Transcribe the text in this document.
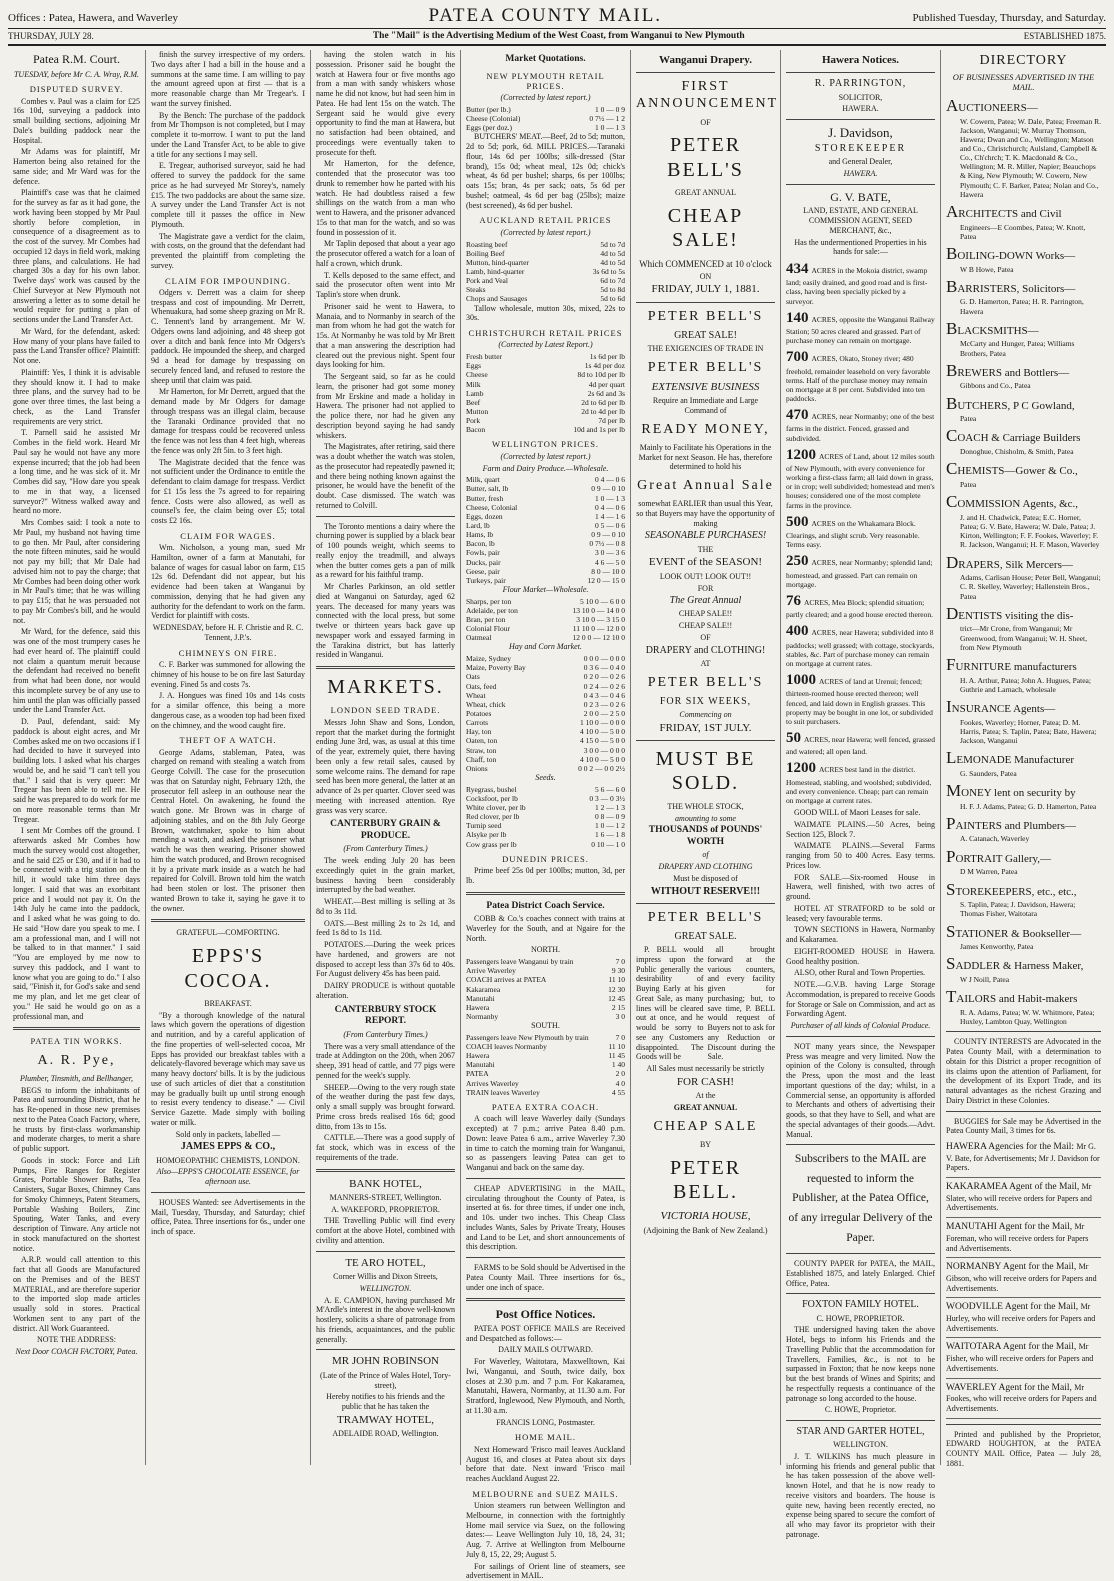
Offices : Patea, Hawera, and Waverley	PATEA COUNTY MAIL.	Published Tuesday, Thursday, and Saturday.
THURSDAY, JULY 28.	The "Mail" is the Advertising Medium of the West Coast, from Wanganui to New Plymouth	ESTABLISHED 1875.
Patea R.M. Court.

TUESDAY, before Mr C. A. Wray, R.M.

DISPUTED SURVEY.

Combes v. Paul was a claim for £25 16s 10d, surveying a paddock into small building sections, adjoining Mr Dale's building paddock near the Hospital.

Mr Adams was for plaintiff, Mr Hamerton being also retained for the same side; and Mr Ward was for the defence.

Plaintiff's case was that he claimed for the survey as far as it had gone, the work having been stopped by Mr Paul shortly before completion, in consequence of a disagreement as to the cost of the survey. Mr Combes had occupied 12 days in field work, making three plans, and calculations. He had charged 30s a day for his own labor. Twelve days' work was caused by the Chief Surveyor at New Plymouth not answering a letter as to some detail he would require for putting a plan of sections under the Land Transfer Act.

Mr Ward, for the defendant, asked: How many of your plans have failed to pass the Land Transfer office? Plaintiff: Not one.

Plaintiff: Yes, I think it is advisable they should know it. I had to make three plans, and the survey had to be gone over three times, the last being a check, as the Land Transfer requirements are very strict.

T. Parnell said he assisted Mr Combes in the field work. Heard Mr Paul say he would not have any more expense incurred; that the job had been a long time, and he was sick of it. Mr Combes did say, "How dare you speak to me in that way, a licensed surveyor?" Witness walked away and heard no more.

Mrs Combes said: I took a note to Mr Paul, my husband not having time to go then. Mr Paul, after considering the note fifteen minutes, said he would not pay my bill; that Mr Dale had advised him not to pay the charge; that Mr Combes had been doing other work in Mr Paul's time; that he was willing to pay £15; that he was persuaded not to pay Mr Combes's bill, and he would not.

Mr Ward, for the defence, said this was one of the most trumpery cases he had ever heard of. The plaintiff could not claim a quantum meruit because the defendant had received no benefit from what had been done, nor would this incomplete survey be of any use to him until the plan was officially passed under the Land Transfer Act.

D. Paul, defendant, said: My paddock is about eight acres, and Mr Combes asked me on two occasions if I had decided to have it surveyed into building lots. I asked what his charges would be, and he said "I can't tell you that." I said that is very queer: Mr Tregear has been able to tell me. He said he was prepared to do work for me on more reasonable terms than Mr Tregear.

I sent Mr Combes off the ground. I afterwards asked Mr Combes how much the survey would cost altogether, and he said £25 or £30, and if it had to be connected with a trig station on the hill, it would take him three days longer. I said that was an exorbitant price and I would not pay it. On the 14th July he came into the paddock, and I asked what he was going to do. He said "How dare you speak to me. I am a professional man, and I will not be talked to in that manner." I said "You are employed by me now to survey this paddock, and I want to know what you are going to do." I also said, "Finish it, for God's sake and send me my plan, and let me get clear of you." He said he would go on as a professional man, and

PATEA TIN WORKS.
A. R. Pye,

Plumber, Tinsmith, and Bellhanger,

BEGS to inform the inhabitants of Patea and surrounding District, that he has Re-opened in those new premises next to the Patea Coach Factory, where, he trusts by first-class workmanship and moderate charges, to merit a share of public support.

Goods in stock: Force and Lift Pumps, Fire Ranges for Register Grates, Portable Shower Baths, Tea Canisters, Sugar Boxes, Chimney Cans for Smoky Chimneys, Patent Steamers, Portable Washing Boilers, Zinc Spouting, Water Tanks, and every description of Tinware. Any article not in stock manufactured on the shortest notice.

A.R.P. would call attention to this fact that all Goods are Manufactured on the Premises and of the BEST MATERIAL, and are therefore superior to the imported slop made articles usually sold in stores. Practical Workmen sent to any part of the district. All Work Guaranteed.

NOTE THE ADDRESS:

Next Door COACH FACTORY, Patea.

finish the survey irrespective of my orders. Two days after I had a bill in the house and a summons at the same time. I am willing to pay the amount agreed upon at first — that is a more reasonable charge than Mr Tregear's. I want the survey finished.

By the Bench: The purchase of the paddock from Mr Thompson is not completed, but I may complete it to-morrow. I want to put the land under the Land Transfer Act, to be able to give a title for any sections I may sell.

E. Tregear, authorised surveyor, said he had offered to survey the paddock for the same price as he had surveyed Mr Storey's, namely £15. The two paddocks are about the same size. A survey under the Land Transfer Act is not complete till it passes the office in New Plymouth.

The Magistrate gave a verdict for the claim, with costs, on the ground that the defendant had prevented the plaintiff from completing the survey.

CLAIM FOR IMPOUNDING.

Odgers v. Derrett was a claim for sheep trespass and cost of impounding. Mr Derrett, Whenuakura, had some sheep grazing on Mr R. C. Tennent's land by arrangement. Mr W. Odgers owns land adjoining, and 48 sheep got over a ditch and bank fence into Mr Odgers's paddock. He impounded the sheep, and charged 9d a head for damage by trespassing on securely fenced land, and refused to restore the sheep until that claim was paid.

Mr Hamerton, for Mr Derrett, argued that the demand made by Mr Odgers for damage through trespass was an illegal claim, because the Taranaki Ordinance provided that no damage for trespass could be recovered unless the fence was not less than 4 feet high, whereas the fence was only 2ft 5in. to 3 feet high.

The Magistrate decided that the fence was not sufficient under the Ordinance to entitle the defendant to claim damage for trespass. Verdict for £1 15s less the 7s agreed to for repairing fence. Costs were also allowed, as well as counsel's fee, the claim being over £5; total costs £2 16s.

CLAIM FOR WAGES.

Wm. Nicholson, a young man, sued Mr Hamilton, owner of a farm at Manutahi, for balance of wages for casual labor on farm, £15 12s 6d. Defendant did not appear, but his evidence had been taken at Wanganui by commission, denying that he had given any authority for the defendant to work on the farm. Verdict for plaintiff with costs.

WEDNESDAY, before H. F. Christie and R. C. Tennent, J.P.'s.

CHIMNEYS ON FIRE.

C. F. Barker was summoned for allowing the chimney of his house to be on fire last Saturday evening. Fined 5s and costs 7s.

J. A. Hongues was fined 10s and 14s costs for a similar offence, this being a more dangerous case, as a wooden top had been fixed on the chimney, and the wood caught fire.

THEFT OF A WATCH.

George Adams, stableman, Patea, was charged on remand with stealing a watch from George Colvill. The case for the prosecution was that on Saturday night, February 12th, the prosecutor fell asleep in an outhouse near the Central Hotel. On awakening, he found the watch gone. Mr Brown was in charge of adjoining stables, and on the 8th July George Brown, watchmaker, spoke to him about mending a watch, and asked the prisoner what watch he was then wearing. Prisoner showed him the watch produced, and Brown recognised it by a private mark inside as a watch he had repaired for Colvill. Brown told him the watch had been stolen or lost. The prisoner then wanted Brown to take it, saying he gave it to the owner.

GRATEFUL—COMFORTING.

EPPS'S COCOA.

BREAKFAST.

"By a thorough knowledge of the natural laws which govern the operations of digestion and nutrition, and by a careful application of the fine properties of well-selected cocoa, Mr Epps has provided our breakfast tables with a delicately-flavored beverage which may save us many heavy doctors' bills. It is by the judicious use of such articles of diet that a constitution may be gradually built up until strong enough to resist every tendency to disease." — Civil Service Gazette. Made simply with boiling water or milk.

Sold only in packets, labelled —

JAMES EPPS & CO.,

HOMOEOPATHIC CHEMISTS, LONDON.

Also—EPPS'S CHOCOLATE ESSENCE, for afternoon use.

HOUSES Wanted: see Advertisements in the Mail, Tuesday, Thursday, and Saturday; chief office, Patea. Three insertions for 6s., under one inch of space.

having the stolen watch in his possession. Prisoner said he bought the watch at Hawera four or five months ago from a man with sandy whiskers whose name he did not know, but had seen him in Patea. He had lent 15s on the watch. The Sergeant said he would give every opportunity to find the man at Hawera, but no satisfaction had been obtained, and proceedings were eventually taken to prosecute for theft.

Mr Hamerton, for the defence, contended that the prosecutor was too drunk to remember how he parted with his watch. He had doubtless raised a few shillings on the watch from a man who went to Hawera, and the prisoner advanced 15s to that man for the watch, and so was found in possession of it.

Mr Taplin deposed that about a year ago the prosecutor offered a watch for a loan of half a crown, which drunk.

T. Kells deposed to the same effect, and said the prosecutor often went into Mr Taplin's store when drunk.

Prisoner said he went to Hawera, to Manaia, and to Normanby in search of the man from whom he had got the watch for 15s. At Normanby he was told by Mr Brett that a man answering the description had cleared out the previous night. Spent four days looking for him.

The Sergeant said, so far as he could learn, the prisoner had got some money from Mr Erskine and made a holiday in Hawera. The prisoner had not applied to the police there, nor had he given any description beyond saying he had sandy whiskers.

The Magistrates, after retiring, said there was a doubt whether the watch was stolen, as the prosecutor had repeatedly pawned it; and there being nothing known against the prisoner, he would have the benefit of the doubt. Case dismissed. The watch was returned to Colvill.

The Toronto mentions a dairy where the churning power is supplied by a black bear of 100 pounds weight, which seems to really enjoy the treadmill, and always when the butter comes gets a pan of milk as a reward for his faithful tramp.

Mr Charles Parkinson, an old settler died at Wanganui on Saturday, aged 62 years. The deceased for many years was connected with the local press, but some twelve or thirteen years back gave up newspaper work and essayed farming in the Tarakina district, but has latterly resided in Wanganui.

MARKETS.
LONDON SEED TRADE.

Messrs John Shaw and Sons, London, report that the market during the fortnight ending June 3rd, was, as usual at this time of the year, extremely quiet, there having been only a few retail sales, caused by some welcome rains. The demand for rape seed has been more general, the latter at an advance of 2s per quarter. Clover seed was meeting with increased attention. Rye grass was very scarce.

CANTERBURY GRAIN & PRODUCE.

(From Canterbury Times.)

The week ending July 20 has been exceedingly quiet in the grain market, business having been considerably interrupted by the bad weather.

WHEAT.—Best milling is selling at 3s 8d to 3s 11d.

OATS.—Best milling 2s to 2s 1d, and feed 1s 8d to 1s 11d.

POTATOES.—During the week prices have hardened, and growers are not disposed to accept less than 37s 6d to 40s. For August delivery 45s has been paid.

DAIRY PRODUCE is without quotable alteration.

CANTERBURY STOCK REPORT.

(From Canterbury Times.)

There was a very small attendance of the trade at Addington on the 20th, when 2067 sheep, 391 head of cattle, and 77 pigs were penned for the week's supply.

SHEEP.—Owing to the very rough state of the weather during the past few days, only a small supply was brought forward. Prime cross breds realised 16s 6d; good ditto, from 13s to 15s.

CATTLE.—There was a good supply of fat stock, which was in excess of the requirements of the trade.

BANK HOTEL,

MANNERS-STREET, Wellington.

A. WAKEFORD, PROPRIETOR.

THE Travelling Public will find every comfort at the above Hotel, combined with civility and attention.

TE ARO HOTEL,

Corner Willis and Dixon Streets,

WELLINGTON.

A. E. CAMPION, having purchased Mr M'Ardle's interest in the above well-known hostlery, solicits a share of patronage from his friends, acquaintances, and the public generally.

MR JOHN ROBINSON

(Late of the Prince of Wales Hotel, Tory-street),

Hereby notifies to his friends and the public that he has taken the

TRAMWAY HOTEL,

ADELAIDE ROAD, Wellington.

Market Quotations.
NEW PLYMOUTH RETAIL PRICES.

(Corrected by latest report.)

Butter (per lb.)	1 0 — 0 9
Cheese (Colonial)	0 7½ — 1 2
Eggs (per doz.)	1 0 — 1 3

BUTCHERS' MEAT.—Beef, 2d to 5d; mutton, 2d to 5d; pork, 6d. MILL PRICES.—Taranaki flour, 14s 6d per 100lbs; silk-dressed (Star brand), 15s 0d; wheat meal, 12s 0d; chick's wheat, 4s 6d per bushel; sharps, 6s per 100lbs; oats 15s; bran, 4s per sack; oats, 5s 6d per bushel; oatmeal, 4s 6d per bag (25lbs); maize (best screened), 4s 6d per bushel.

AUCKLAND RETAIL PRICES

(Corrected by latest report.)

Roasting beef	5d to 7d
Boiling Beef	4d to 5d
Mutton, hind-quarter	4d to 5d
Lamb, hind-quarter	3s 6d to 5s
Pork and Veal	6d to 7d
Steaks	5d to 8d
Chops and Sausages	5d to 6d

Tallow wholesale, mutton 30s, mixed, 22s to 30s.

CHRISTCHURCH RETAIL PRICES

(Corrected by Latest Report.)

Fresh butter	1s 6d per lb
Eggs	1s 4d per doz
Cheese	8d to 10d per lb
Milk	4d per quart
Lamb	2s 6d and 3s
Beef	2d to 6d per lb
Mutton	2d to 4d per lb
Pork	7d per lb
Bacon	10d and 1s per lb
WELLINGTON PRICES.

(Corrected by latest report.)

Farm and Dairy Produce.—Wholesale.

Milk, quart	0 4 — 0 6
Butter, salt, lb	0 9 — 0 10
Butter, fresh	1 0 — 1 3
Cheese, Colonial	0 4 — 0 6
Eggs, dozen	1 4 — 1 6
Lard, lb	0 5 — 0 6
Hams, lb	0 9 — 0 10
Bacon, lb	0 7½ — 0 8
Fowls, pair	3 0 — 3 6
Ducks, pair	4 6 — 5 0
Geese, pair	8 0 — 10 0
Turkeys, pair	12 0 — 15 0

Flour Market—Wholesale.

Sharps, per ton	5 10 0 — 6 0 0
Adelaide, per ton	13 10 0 — 14 0 0
Bran, per ton	3 10 0 — 3 15 0
Colonial Flour	11 10 0 — 12 0 0
Oatmeal	12 0 0 — 12 10 0

Hay and Corn Market.

Maize, Sydney	0 0 0 — 0 0 0
Maize, Poverty Bay	0 3 6 — 0 4 0
Oats	0 2 0 — 0 2 6
Oats, feed	0 2 4 — 0 2 6
Wheat	0 4 3 — 0 4 6
Wheat, chick	0 2 3 — 0 2 6
Potatoes	2 0 0 — 2 5 0
Carrots	1 10 0 — 0 0 0
Hay, ton	4 10 0 — 5 0 0
Oaten, ton	4 15 0 — 5 0 0
Straw, ton	3 0 0 — 0 0 0
Chaff, ton	4 10 0 — 5 0 0
Onions	0 0 2 — 0 0 2½

Seeds.

Ryegrass, bushel	5 6 — 6 0
Cocksfoot, per lb	0 3 — 0 3½
White clover, per lb	1 2 — 1 3
Red clover, per lb	0 8 — 0 9
Turnip seed	1 0 — 1 2
Alsyke per lb	1 6 — 1 8
Cow grass per lb	0 10 — 1 0
DUNEDIN PRICES.

Prime beef 25s 0d per 100lbs; mutton, 3d, per lb.

Patea District Coach Service.

COBB & Co.'s coaches connect with trains at Waverley for the South, and at Ngaire for the North.

NORTH.

Passengers leave Wanganui by train	7 0
Arrive Waverley	9 30
COACH arrives at PATEA	11 10
Kakaramea	12 30
Manutahi	12 45
Hawera	2 15
Normanby	3 0

SOUTH.

Passengers leave New Plymouth by train	7 0
COACH leaves Normanby	11 10
Hawera	11 45
Manutahi	1 40
PATEA	2 0
Arrives Waverley	4 0
TRAIN leaves Waverley	4 55
PATEA EXTRA COACH.

A coach will leave Waverley daily (Sundays excepted) at 7 p.m.; arrive Patea 8.40 p.m. Down: leave Patea 6 a.m., arrive Waverley 7.30 in time to catch the morning train for Wanganui, so as passengers leaving Patea can get to Wanganui and back on the same day.

CHEAP ADVERTISING in the MAIL, circulating throughout the County of Patea, is inserted at 6s. for three times, if under one inch, and 10s. under two inches. This Cheap Class includes Wants, Sales by Private Treaty, Houses and Land to be Let, and short announcements of this description.

FARMS to be Sold should be Advertised in the Patea County Mail. Three insertions for 6s., under one inch of space.

Post Office Notices.

PATEA POST OFFICE MAILS are Received and Despatched as follows:—

DAILY MAILS OUTWARD.

For Waverley, Waitotara, Maxwelltown, Kai Iwi, Wanganui, and South, twice daily, box closes at 2.30 p.m. and 7 p.m. For Kakaramea, Manutahi, Hawera, Normanby, at 11.30 a.m. For Stratford, Inglewood, New Plymouth, and North, at 11.30 a.m.

FRANCIS LONG, Postmaster.

HOME MAIL.

Next Homeward 'Frisco mail leaves Auckland August 16, and closes at Patea about six days before that date. Next inward 'Frisco mail reaches Auckland August 22.

MELBOURNE and SUEZ MAILS.

Union steamers run between Wellington and Melbourne, in connection with the fortnightly Home mail service via Suez, on the following dates:— Leave Wellington July 10, 18, 24, 31; Aug. 7. Arrive at Wellington from Melbourne July 8, 15, 22, 29; August 5.

For sailings of Orient line of steamers, see advertisement in MAIL.

Wanganui Drapery.
FIRST ANNOUNCEMENT

OF

PETER BELL'S

GREAT ANNUAL

CHEAP SALE!

Which COMMENCED at 10 o'clock

ON

FRIDAY, JULY 1, 1881.

PETER BELL'S

GREAT SALE!

THE EXIGENCIES OF TRADE IN

PETER BELL'S

EXTENSIVE BUSINESS

Require an Immediate and Large Command of

READY MONEY,

Mainly to Facilitate his Operations in the Market for next Season. He has, therefore determined to hold his

Great Annual Sale

somewhat EARLIER than usual this Year, so that Buyers may have the opportunity of making

SEASONABLE PURCHASES!

THE

EVENT of the SEASON!

LOOK OUT! LOOK OUT!!

FOR

The Great Annual

CHEAP SALE!!

CHEAP SALE!!

OF

DRAPERY and CLOTHING!

AT

PETER BELL'S

FOR SIX WEEKS,

Commencing on

FRIDAY, 1ST JULY.

MUST BE SOLD.

THE WHOLE STOCK,

amounting to some

THOUSANDS of POUNDS' WORTH

of

DRAPERY AND CLOTHING

Must be disposed of

WITHOUT RESERVE!!!

PETER BELL'S

GREAT SALE.

P. BELL would impress upon the Public generally the desirability of Buying Early at his Great Sale, as many lines will be cleared out at once, and he would be sorry to see any Customers disappointed. The Goods will be

all brought forward at the various counters, and every facility given for purchasing; but, to save time, P. BELL would request of Buyers not to ask for any Reduction or Discount during the Sale.

All Sales must necessarily be strictly

FOR CASH!

At the

GREAT ANNUAL

CHEAP SALE

BY

PETER BELL.

VICTORIA HOUSE,

(Adjoining the Bank of New Zealand.)

Hawera Notices.

R. PARRINGTON,

SOLICITOR,

HAWERA.

J. Davidson,

STOREKEEPER

and General Dealer,

HAWERA.

G. V. BATE,

LAND, ESTATE, AND GENERAL COMMISSION AGENT, SEED MERCHANT, &c.,

Has the undermentioned Properties in his hands for sale:—

434 ACRES in the Mokoia district, swamp land; easily drained, and good road and is first-class, having been specially picked by a surveyor.
140 ACRES, opposite the Wanganui Railway Station; 50 acres cleared and grassed. Part of purchase money can remain on mortgage.
700 ACRES, Okato, Stoney river; 480 freehold, remainder leasehold on very favorable terms. Half of the purchase money may remain on mortgage at 8 per cent. Subdivided into ten paddocks.
470 ACRES, near Normanby; one of the best farms in the district. Fenced, grassed and subdivided.
1200 ACRES of Land, about 12 miles south of New Plymouth, with every convenience for working a first-class farm; all laid down in grass, or in crop; well subdivided; homestead and men's houses; considered one of the most complete farms in the province.
500 ACRES on the Whakamara Block. Clearings, and slight scrub. Very reasonable. Terms easy.
250 ACRES, near Normanby; splendid land; homestead, and grassed. Part can remain on mortgage.
76 ACRES, Mea Block; splendid situation; partly cleared; and a good house erected thereon.
400 ACRES, near Hawera; subdivided into 8 paddocks; well grassed; with cottage, stockyards, stables, &c. Part of purchase money can remain on mortgage at current rates.
1000 ACRES of land at Urenui; fenced; thirteen-roomed house erected thereon; well fenced, and laid down in English grasses. This property may be bought in one lot, or subdivided to suit purchasers.
50 ACRES, near Hawera; well fenced, grassed and watered; all open land.
1200 ACRES best land in the district. Homestead, stabling, and woolshed; subdivided, and every convenience. Cheap; part can remain on mortgage at current rates.

GOOD WILL of Maori Leases for sale.

WAIMATE PLAINS.—50 Acres, being Section 125, Block 7.

WAIMATE PLAINS.—Several Farms ranging from 50 to 400 Acres. Easy terms. Prices low.

FOR SALE.—Six-roomed House in Hawera, well finished, with two acres of ground.

HOTEL AT STRATFORD to be sold or leased; very favourable terms.

TOWN SECTIONS in Hawera, Normanby and Kakaramea.

EIGHT-ROOMED HOUSE in Hawera. Good healthy position.

ALSO, other Rural and Town Properties.

NOTE.—G.V.B. having Large Storage Accommodation, is prepared to receive Goods for Storage or Sale on Commission, and act as Forwarding Agent.

Purchaser of all kinds of Colonial Produce.

NOT many years since, the Newspaper Press was meagre and very limited. Now the opinion of the Colony is consulted, through the Press, upon the most and the least important questions of the day; whilst, in a Commercial sense, an opportunity is afforded to Merchants and others of advertising their goods, so that they have to Sell, and what are the special advantages of their goods.—Advt. Manual.

Subscribers to the MAIL are requested to inform the Publisher, at the Patea Office, of any irregular Delivery of the Paper.

COUNTY PAPER for PATEA, the MAIL, Established 1875, and lately Enlarged. Chief Office, Patea.

FOXTON FAMILY HOTEL.

C. HOWE, PROPRIETOR.

THE undersigned having taken the above Hotel, begs to inform his Friends and the Travelling Public that the accommodation for Travellers, Families, &c., is not to be surpassed in Foxton; that he now keeps none but the best brands of Wines and Spirits; and he respectfully requests a continuance of the patronage so long accorded to the house.

C. HOWE, Proprietor.

STAR AND GARTER HOTEL,

WELLINGTON.

J. T. WILKINS has much pleasure in informing his friends and general public that he has taken possession of the above well-known Hotel, and that he is now ready to receive visitors and boarders. The house is quite new, having been recently erected, no expense being spared to secure the comfort of all who may favor its proprietor with their patronage.

DIRECTORY

OF BUSINESSES ADVERTISED IN THE MAIL.

AUCTIONEERS—
W. Cowern, Patea; W. Dale, Patea; Freeman R. Jackson, Wanganui; W. Murray Thomson, Hawera; Dwan and Co., Wellington; Matson and Co., Christchurch; Aulsland, Campbell & Co., Ch'chrch; T. K. Macdonald & Co., Wellington; M. R. Miller, Napier; Beauchops & King, New Plymouth; W. Cowern, New Plymouth; C. F. Barker, Patea; Nolan and Co., Hawera
ARCHITECTS and Civil
Engineers—E Coombes, Patea; W. Knott, Patea
BOILING-DOWN Works—
W B Howe, Patea
BARRISTERS, Solicitors—
G. D. Hamerton, Patea; H. R. Parrington, Hawera
BLACKSMITHS—
McCarty and Hunger, Patea; Williams Brothers, Patea
BREWERS and Bottlers—
Gibbons and Co., Patea
BUTCHERS, P C Gowland,
Patea
COACH & Carriage Builders
Donoghue, Chisholm, & Smith, Patea
CHEMISTS—Gower & Co.,
Patea
COMMISSION Agents, &c.,
J. and H. Chadwick, Patea; E.C. Horner, Patea; G. V. Bate, Hawera; W. Dale, Patea; J. Kirton, Wellington; F. F. Fookes, Waverley; F. R. Jackson, Wanganui; H. F. Mason, Waverley
DRAPERS, Silk Mercers—
Adams, Carlisan House; Peter Bell, Wanganui; C. R. Skelley, Waverley; Hallenstein Bros., Patea
DENTISTS visiting the dis-
trict—Mr Crone, from Wanganui; Mr Greenwood, from Wanganui; W. H. Sheet, from New Plymouth
FURNITURE manufacturers
H. A. Arthur, Patea; John A. Hugues, Patea; Guthrie and Larnach, wholesale
INSURANCE Agents—
Fookes, Waverley; Horner, Patea; D. M. Harris, Patea; S. Taplin, Patea; Bate, Hawera; Jackson, Wanganui
LEMONADE Manufacturer
G. Saunders, Patea
MONEY lent on security by
H. F. J. Adams, Patea; G. D. Hamerton, Patea
PAINTERS and Plumbers—
A. Catanach, Waverley
PORTRAIT Gallery,—
D M Warren, Patea
STOREKEEPERS, etc., etc.,
S. Taplin, Patea; J. Davidson, Hawera; Thomas Fisher, Waitotara
STATIONER & Bookseller—
James Kenworthy, Patea
SADDLER & Harness Maker,
W J Noill, Patea
TAILORS and Habit-makers
R. A. Adams, Patea; W. W. Whitmore, Patea; Huxley, Lambton Quay, Wellington

COUNTY INTERESTS are Advocated in the Patea County Mail, with a determination to obtain for this District a proper recognition of its claims upon the attention of Parliament, for the development of its Export Trade, and its natural advantages as the richest Grazing and Dairy District in these Colonies.

BUGGIES for Sale may be Advertised in the Patea County Mail, 3 times for 6s.

HAWERA Agencies for the Mail: Mr G. V. Bate, for Advertisements; Mr J. Davidson for Papers.
KAKARAMEA Agent of the Mail, Mr Slater, who will receive orders for Papers and Advertisements.
MANUTAHI Agent for the Mail, Mr Foreman, who will receive orders for Papers and Advertisements.
NORMANBY Agent for the Mail, Mr Gibson, who will receive orders for Papers and Advertisements.
WOODVILLE Agent for the Mail, Mr Hurley, who will receive orders for Papers and Advertisements.
WAITOTARA Agent for the Mail, Mr Fisher, who will receive orders for Papers and Advertisements.
WAVERLEY Agent for the Mail, Mr Fookes, who will receive orders for Papers and Advertisements.

Printed and published by the Proprietor, EDWARD HOUGHTON, at the PATEA COUNTY MAIL Office, Patea — July 28, 1881.
